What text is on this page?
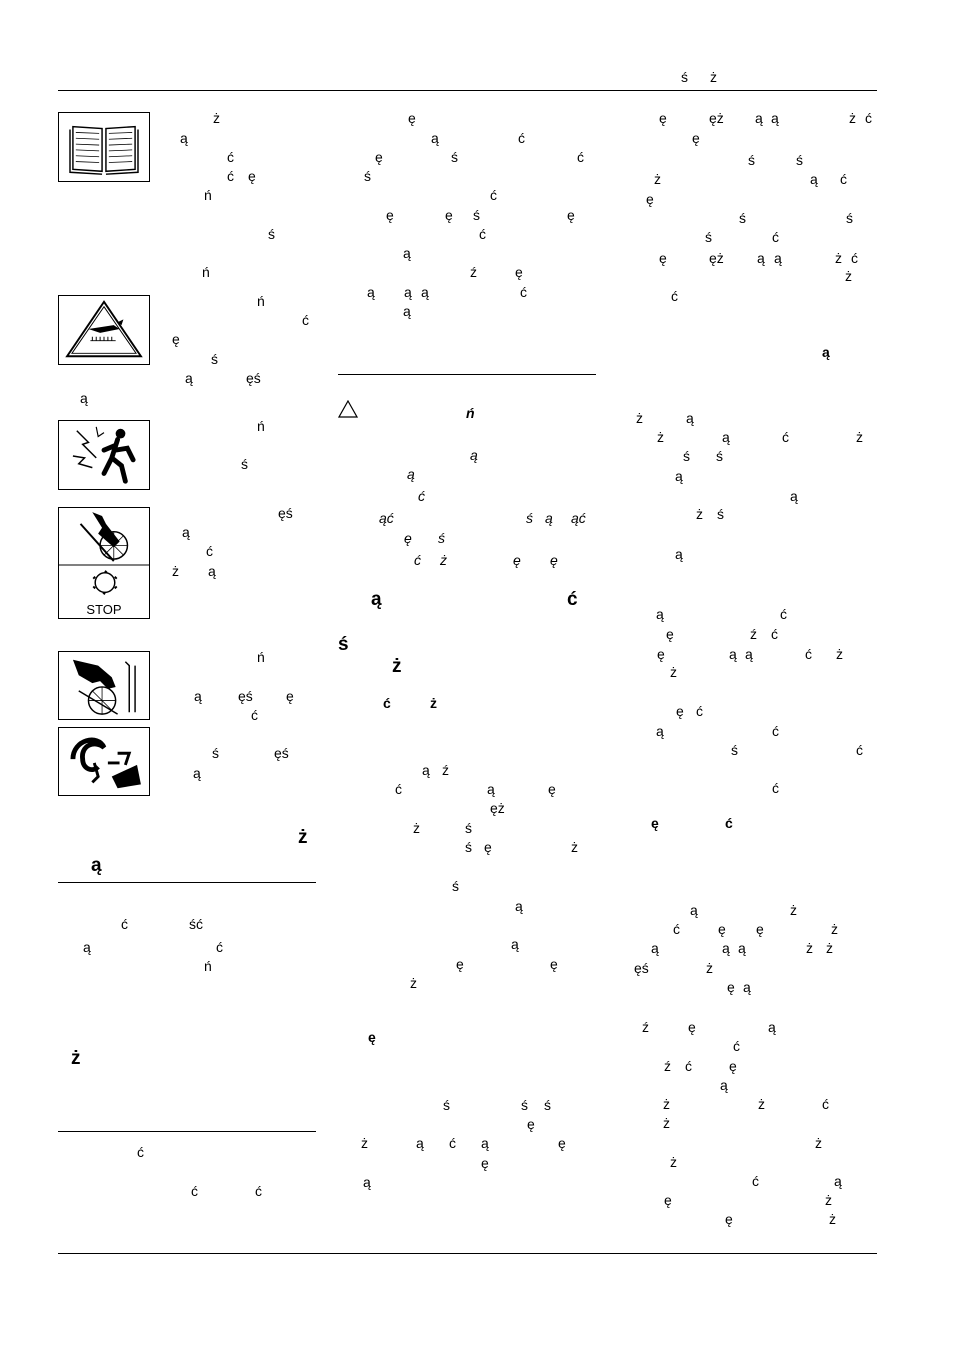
ś ż
STOP
ż
ą
ć
ć ę
ń
ś
ń
ń
ć
ę
ś
ą	ęś
ą
ń
ś
ęś
ą
ć
ż ą
ń
ą	ęś ę
ć
ś	ęś
ą
ż
ą
ć	ść
ą	ć
ń
ż
ć
ć	ć
ę
ą	ć
ę	ś	ć
ś
ć
ę	ę ś	ę
ć
ą
ź	ę
ą ą ą	ć
ą
ń
ą
ą
ć
ąć	ś ą ąć
ę ś
ć ż	ę ę
ą	ć
ś
ż
ć	ż
ą ź
ć	ą	ę
ęż
ż	ś
ś ę	ż
ś
ą
ą
ę	ę
ż
ę
ś	ś ś
ę
ż	ą ć ą	ę
ę
ą
ę	ęż ą ą	ż ć
ę
ś	ś
ż	ą ć
ę
ś	ś
ś	ć
ę	ęż ą ą	ż ć
ż
ć
ą
ż	ą
ż	ą	ć	ż
ś ś
ą
ą
ż ś
ą
ą	ć
ę	ź ć
ę	ą ą	ć ż
ż
ę ć
ą	ć
ś	ć
ć
ę	ć
ą	ż
ć	ę ę	ż
ą	ą ą	ż ż
ęś	ż
ę ą
ź	ę	ą
ć
ź ć	ę
ą
ż	ż	ć
ż
ż
ż
ć	ą
ę	ż
ę	ż
